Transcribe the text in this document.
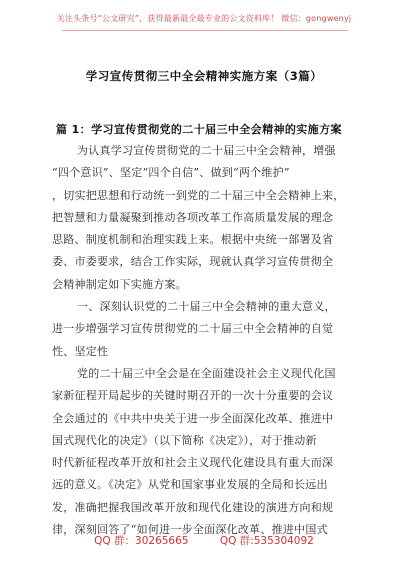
关注头条号“公文研究”，获得最新最全最专业的公文资料库！ 微信：gongwenyj
学习宣传贯彻三中全会精神实施方案（3篇）
篇 1：学习宣传贯彻党的二十届三中全会精神的实施方案
为认真学习宣传贯彻党的二十届三中全会精神，增强
“四个意识”、坚定“四个自信”、做到“两个维护”
，切实把思想和行动统一到党的二十届三中全会精神上来，
把智慧和力量凝聚到推动各项改革工作高质量发展的理念
思路、制度机制和治理实践上来。根据中央统一部署及省
委、市委要求，结合工作实际，现就认真学习宣传贯彻全
会精神制定如下实施方案。
一、深刻认识党的二十届三中全会精神的重大意义，
进一步增强学习宣传贯彻党的二十届三中全会精神的自觉
性、坚定性
党的二十届三中全会是在全面建设社会主义现代化国
家新征程开局起步的关键时期召开的一次十分重要的会议
全会通过的《中共中央关于进一步全面深化改革、推进中
国式现代化的决定》（以下简称《决定》），对于推动新
时代新征程改革开放和社会主义现代化建设具有重大而深
远的意义。《决定》从党和国家事业发展的全局和长远出
发，准确把握我国改革开放和现代化建设的演进方向和规
律，深刻回答了“如何进一步全面深化改革、推进中国式
QQ 群：30265665	QQ 群:535304092
